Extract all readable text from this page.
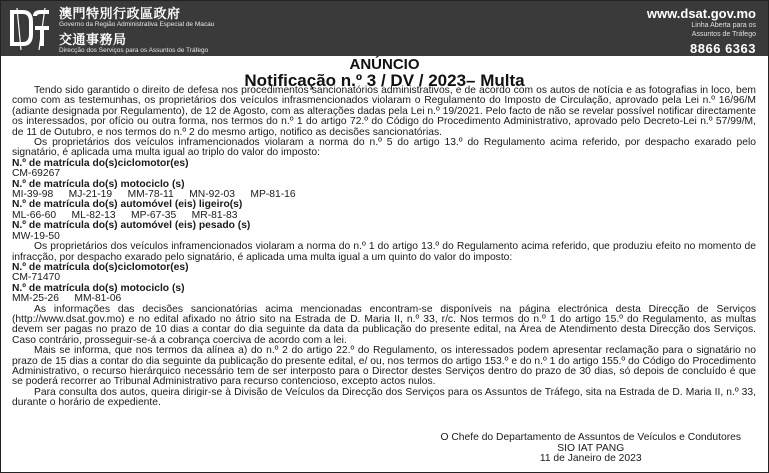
澳門特別行政區政府
Governo da Região Administrativa Especial de Macau
交通事務局
Direcção dos Serviços para os Assuntos de Tráfego
www.dsat.gov.mo
Linha Aberta para os
Assuntos de Tráfego
8866 6363
ANÚNCIO
Notificação n.º 3 / DV / 2023– Multa

Tendo sido garantido o direito de defesa nos procedimentos sancionatórios administrativos, e de acordo com os autos de notícia e as fotografias in loco, bem como com as testemunhas, os proprietários dos veículos infrasmencionados violaram o Regulamento do Imposto de Circulação, aprovado pela Lei n.º 16/96/M (adiante designada por Regulamento), de 12 de Agosto, com as alterações dadas pela Lei n.º 19/2021. Pelo facto de não se revelar possível notificar directamente os interessados, por ofício ou outra forma, nos termos do n.º 1 do artigo 72.º do Código do Procedimento Administrativo, aprovado pelo Decreto-Lei n.º 57/99/M, de 11 de Outubro, e nos termos do n.º 2 do mesmo artigo, notifico as decisões sancionatórias.

Os proprietários dos veículos inframencionados violaram a norma do n.º 5 do artigo 13.º do Regulamento acima referido, por despacho exarado pelo signatário, é aplicada uma multa igual ao triplo do valor do imposto:

N.º de matrícula do(s)ciclomotor(es)

CM-69267

N.º de matrícula do(s) motociclo (s)

MI-39-98    MJ-21-19    MM-78-11    MN-92-03    MP-81-16

N.º de matrícula do(s) automóvel (eis) ligeiro(s)

ML-66-60    ML-82-13    MP-67-35    MR-81-83

N.º de matrícula do(s) automóvel (eis) pesado (s)

MW-19-50

Os proprietários dos veículos inframencionados violaram a norma do n.º 1 do artigo 13.º do Regulamento acima referido, que produziu efeito no momento de infracção, por despacho exarado pelo signatário, é aplicada uma multa igual a um quinto do valor do imposto:

N.º de matrícula do(s)ciclomotor(es)

CM-71470

N.º de matrícula do(s) motociclo (s)

MM-25-26    MM-81-06

As informações das decisões sancionatórias acima mencionadas encontram-se disponíveis na página electrónica desta Direcção de Serviços (http://www.dsat.gov.mo) e no edital afixado no átrio sito na Estrada de D. Maria II, n.º 33, r/c. Nos termos do n.º 1 do artigo 15.º do Regulamento, as multas devem ser pagas no prazo de 10 dias a contar do dia seguinte da data da publicação do presente edital, na Área de Atendimento desta Direcção dos Serviços. Caso contrário, prosseguir-se-á a cobrança coerciva de acordo com a lei.

Mais se informa, que nos termos da alínea a) do n.º 2 do artigo 22.º do Regulamento, os interessados podem apresentar reclamação para o signatário no prazo de 15 dias a contar do dia seguinte da publicação do presente edital, e/ ou, nos termos do artigo 153.º e do n.º 1 do artigo 155.º do Código do Procedimento Administrativo, o recurso hierárquico necessário tem de ser interposto para o Director destes Serviços dentro do prazo de 30 dias, só depois de concluído é que se poderá recorrer ao Tribunal Administrativo para recurso contencioso, excepto actos nulos.

Para consulta dos autos, queira dirigir-se à Divisão de Veículos da Direcção dos Serviços para os Assuntos de Tráfego, sita na Estrada de D. Maria II, n.º 33, durante o horário de expediente.

O Chefe do Departamento de Assuntos de Veículos e Condutores
SIO IAT PANG
11 de Janeiro de 2023
